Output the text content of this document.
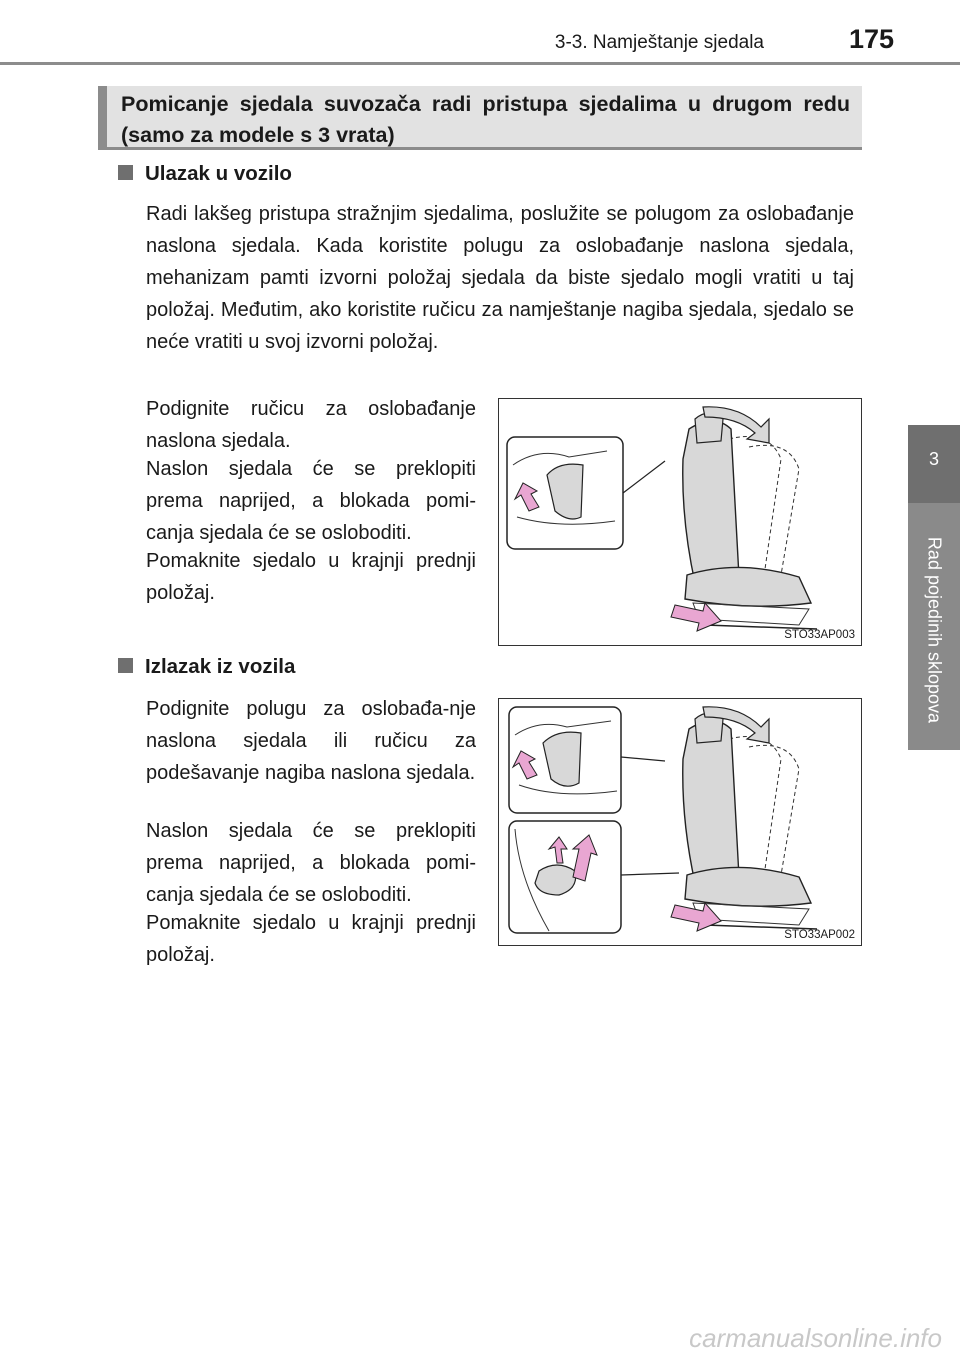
3-3. Namještanje sjedala	175
3
Rad pojedinih sklopova
Pomicanje sjedala suvozača radi pristupa sjedalima u drugom redu (samo za modele s 3 vrata)
Ulazak u vozilo

Radi lakšeg pristupa stražnjim sjedalima, poslužite se polugom za oslobađanje naslona sjedala. Kada koristite polugu za oslobađanje naslona sjedala, mehanizam pamti izvorni položaj sjedala da biste sjedalo mogli vratiti u taj položaj. Međutim, ako koristite ručicu za namještanje nagiba sjedala, sjedalo se neće vratiti u svoj izvorni položaj.

Podignite ručicu za oslobađanje naslona sjedala.

Naslon sjedala će se preklopiti prema naprijed, a blokada pomi-canja sjedala će se osloboditi.

Pomaknite sjedalo u krajnji prednji položaj.

STO33AP003
Izlazak iz vozila

Podignite polugu za oslobađa-nje naslona sjedala ili ručicu za podešavanje nagiba naslona sjedala.

Naslon sjedala će se preklopiti prema naprijed, a blokada pomi-canja sjedala će se osloboditi.

Pomaknite sjedalo u krajnji prednji položaj.

STO33AP002
carmanualsonline.info
